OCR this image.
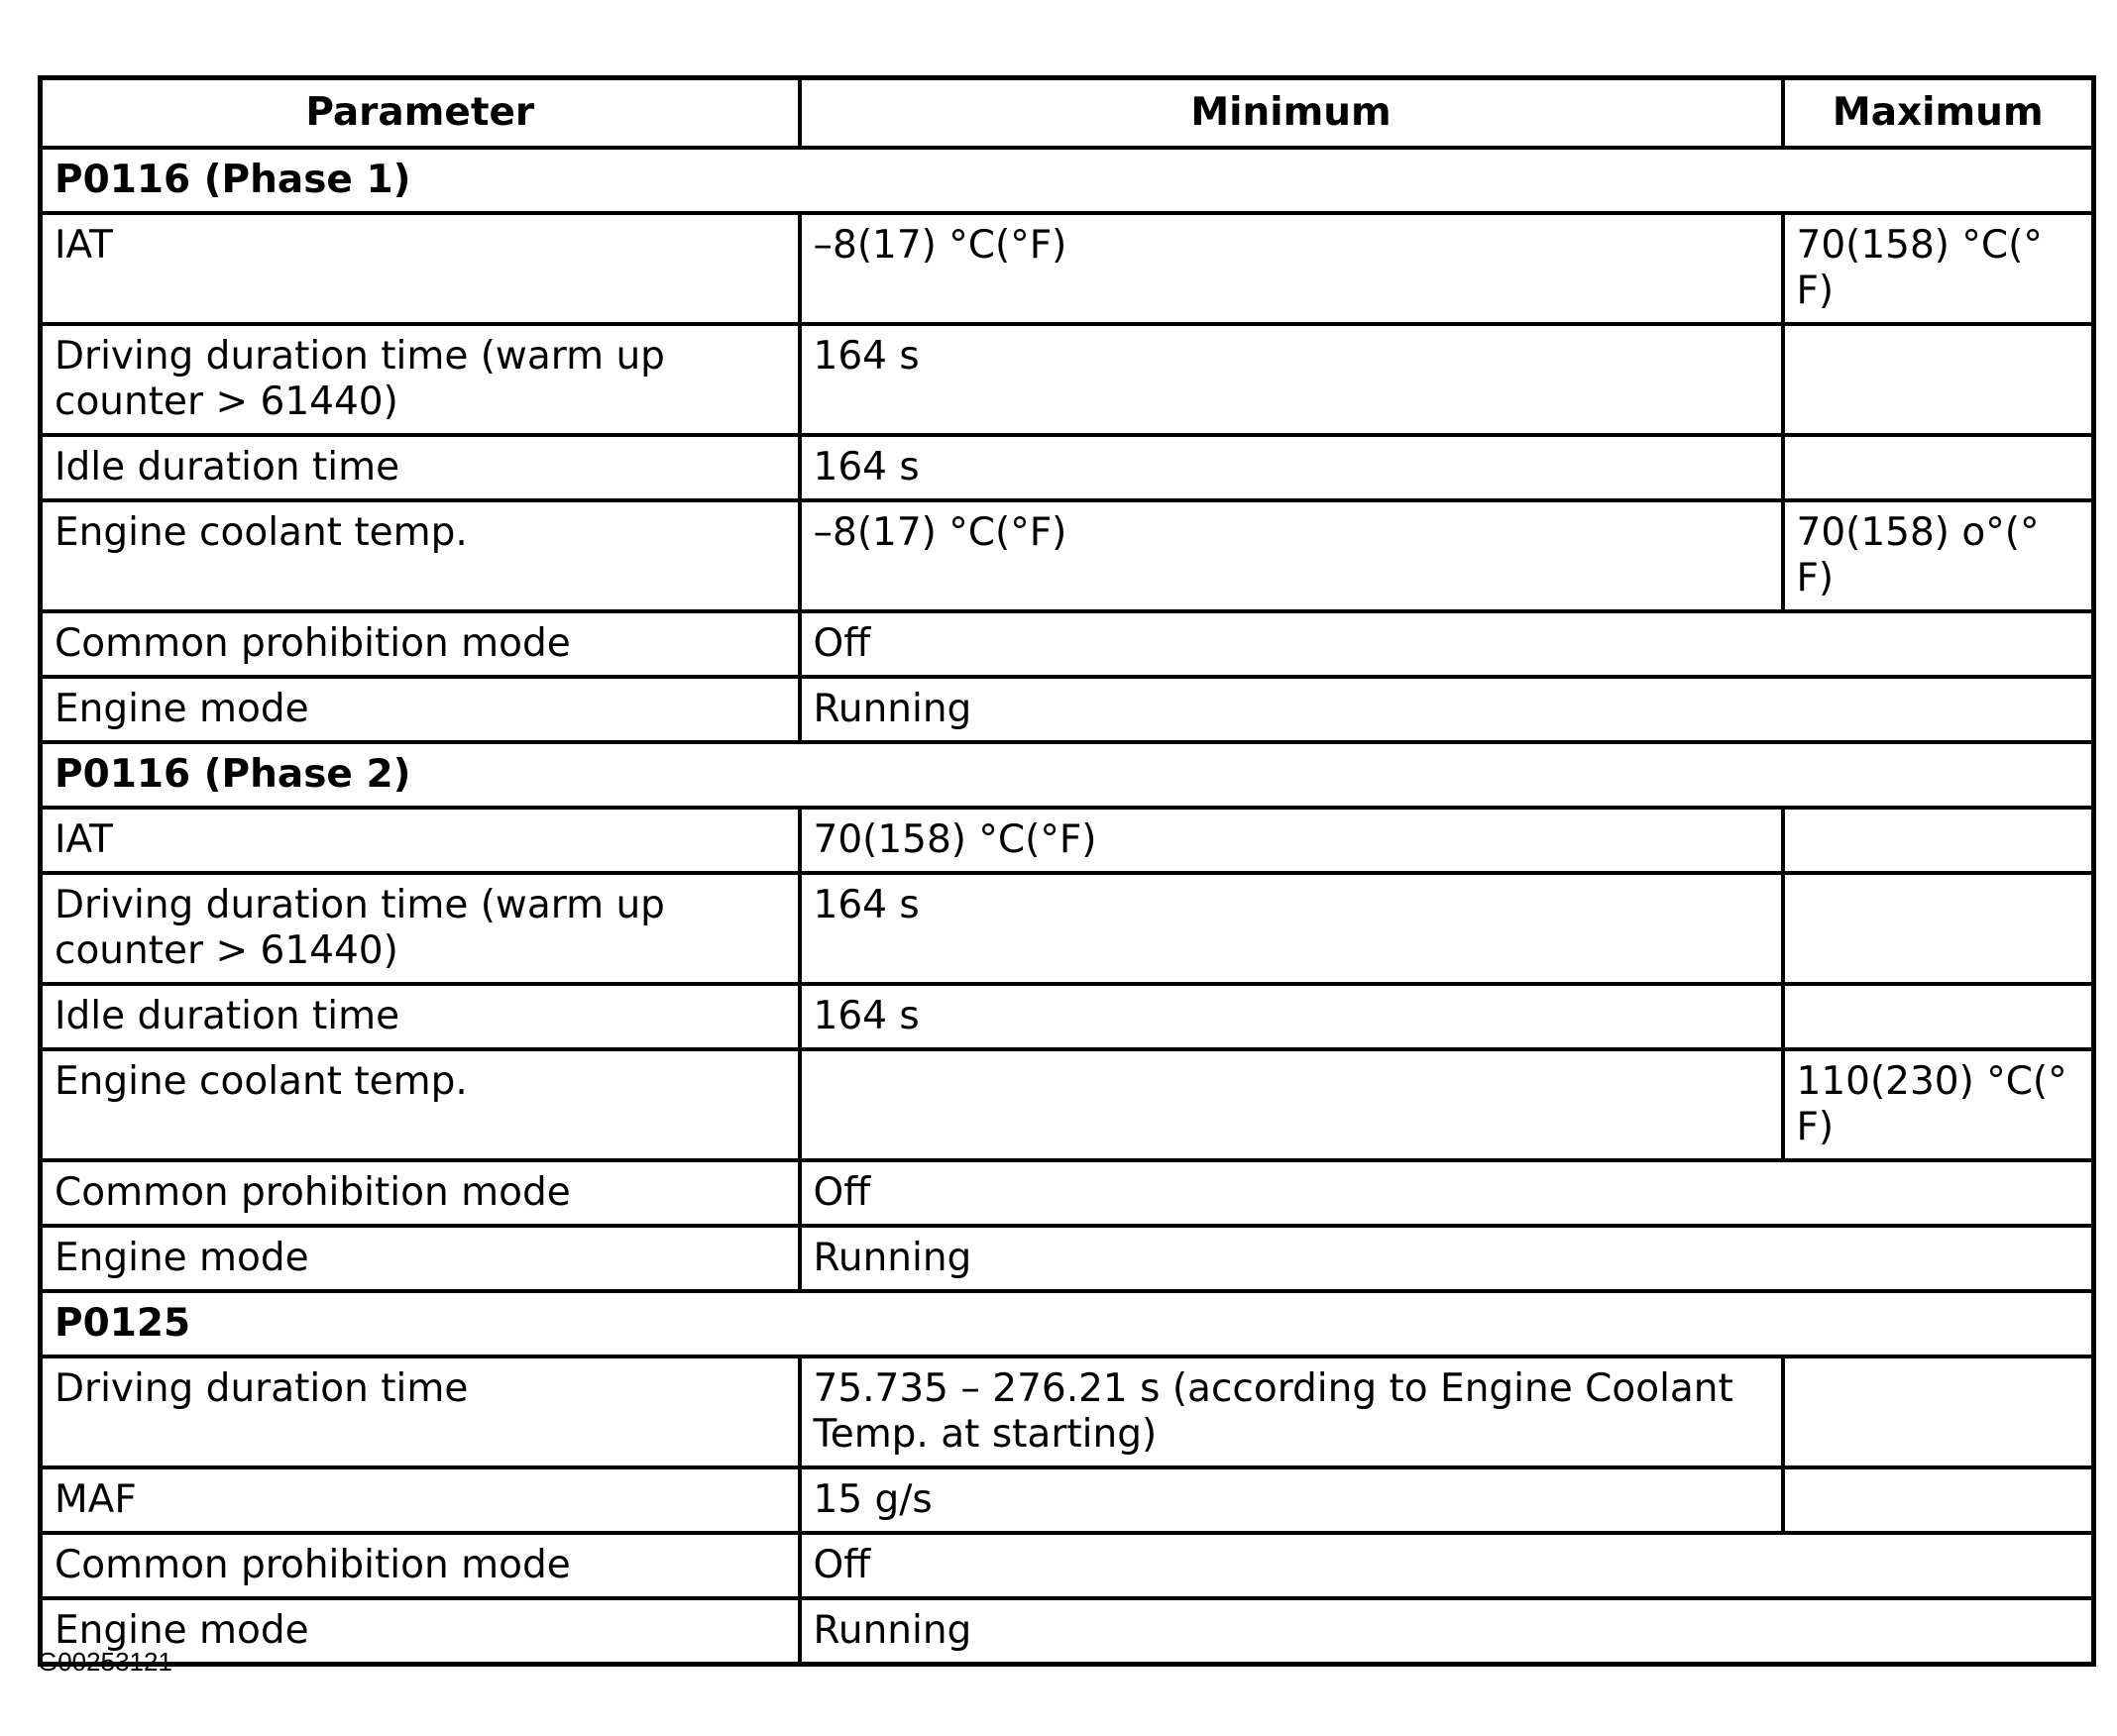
Parameter	Minimum	Maximum
P0116 (Phase 1)		
IAT	–8(17) °C(°F)	70(158) °C(° F)
Driving duration time (warm up counter > 61440)	164 s	
Idle duration time	164 s	
Engine coolant temp.	–8(17) °C(°F)	70(158) o°(° F)
Common prohibition mode	Off	
Engine mode	Running	
P0116 (Phase 2)		
IAT	70(158) °C(°F)	
Driving duration time (warm up counter > 61440)	164 s	
Idle duration time	164 s	
Engine coolant temp.		110(230) °C(° F)
Common prohibition mode	Off	
Engine mode	Running	
P0125		
Driving duration time	75.735 – 276.21 s (according to Engine Coolant Temp. at starting)	
MAF	15 g/s	
Common prohibition mode	Off	
Engine mode	Running	
G00253121
